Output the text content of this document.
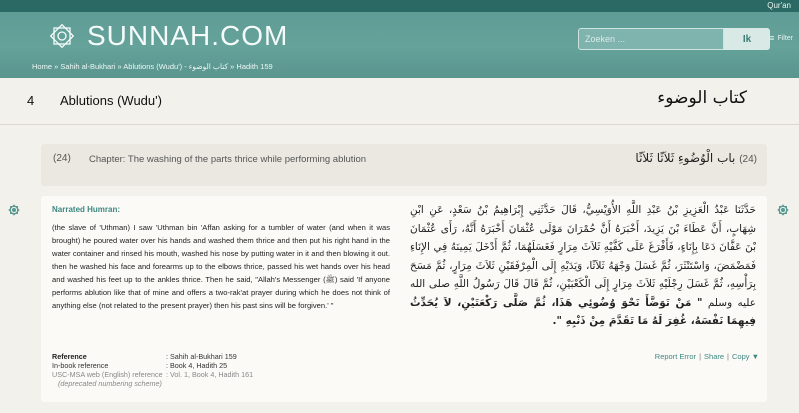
Qur'an
SUNNAH.COM
Zoeken ...	Ik	≡ Filter
Home » Sahih al-Bukhari » Ablutions (Wudu') - كتاب الوضوء » Hadith 159
4 Ablutions (Wudu')	كتاب الوضوء
(24) Chapter: The washing of the parts thrice while performing ablution	(24) باب الْوُضُوءِ ثَلاَثًا ثَلاَثًا
Narrated Humran:
(the slave of 'Uthman) I saw 'Uthman bin 'Affan asking for a tumbler of water (and when it was brought) he poured water over his hands and washed them thrice and then put his right hand in the water container and rinsed his mouth, washed his nose by putting water in it and then blowing it out. then he washed his face and forearms up to the elbows thrice, passed his wet hands over his head and washed his feet up to the ankles thrice. Then he said, "Allah's Messenger (ﷺ) said 'If anyone performs ablution like that of mine and offers a two-rak'at prayer during which he does not think of anything else (not related to the present prayer) then his past sins will be forgiven.' "
حَدَّثَنَا عَبْدُ الْعَزِيزِ بْنُ عَبْدِ اللَّهِ الأُوَيْسِيُّ، قَالَ حَدَّثَنِي إِبْرَاهِيمُ بْنُ سَعْدٍ، عَنِ ابْنِ شِهَابٍ، أَنَّ عَطَاءَ بْنَ يَزِيدَ، أَخْبَرَهُ أَنَّ حُمْرَانَ مَوْلَى عُثْمَانَ أَخْبَرَهُ أَنَّهُ، رَأَى عُثْمَانَ بْنَ عَفَّانَ دَعَا بِإِنَاءٍ، فَأَفْرَغَ عَلَى كَفَّيْهِ ثَلاَثَ مِرَارٍ فَغَسَلَهُمَا، ثُمَّ أَدْخَلَ يَمِينَهُ فِي الإِنَاءِ فَمَضْمَضَ، وَاسْتَنْثَرَ، ثُمَّ غَسَلَ وَجْهَهُ ثَلاَثًا، وَيَدَيْهِ إِلَى الْمِرْفَقَيْنِ ثَلاَثَ مِرَارٍ، ثُمَّ مَسَحَ بِرَأْسِهِ، ثُمَّ غَسَلَ رِجْلَيْهِ ثَلاَثَ مِرَارٍ إِلَى الْكَعْبَيْنِ، ثُمَّ قَالَ قَالَ رَسُولُ اللَّهِ صلى الله عليه وسلم " مَنْ تَوَضَّأَ نَحْوَ وُضُوئِي هَذَا، ثُمَّ صَلَّى رَكْعَتَيْنِ، لاَ يُحَدِّثُ فِيهِمَا نَفْسَهُ، غُفِرَ لَهُ مَا تَقَدَّمَ مِنْ ذَنْبِهِ ".
Reference	: Sahih al-Bukhari 159
In-book reference	: Book 4, Hadith 25
USC-MSA web (English) reference : Vol. 1, Book 4, Hadith 161
(deprecated numbering scheme)
Report Error | Share | Copy ▼
